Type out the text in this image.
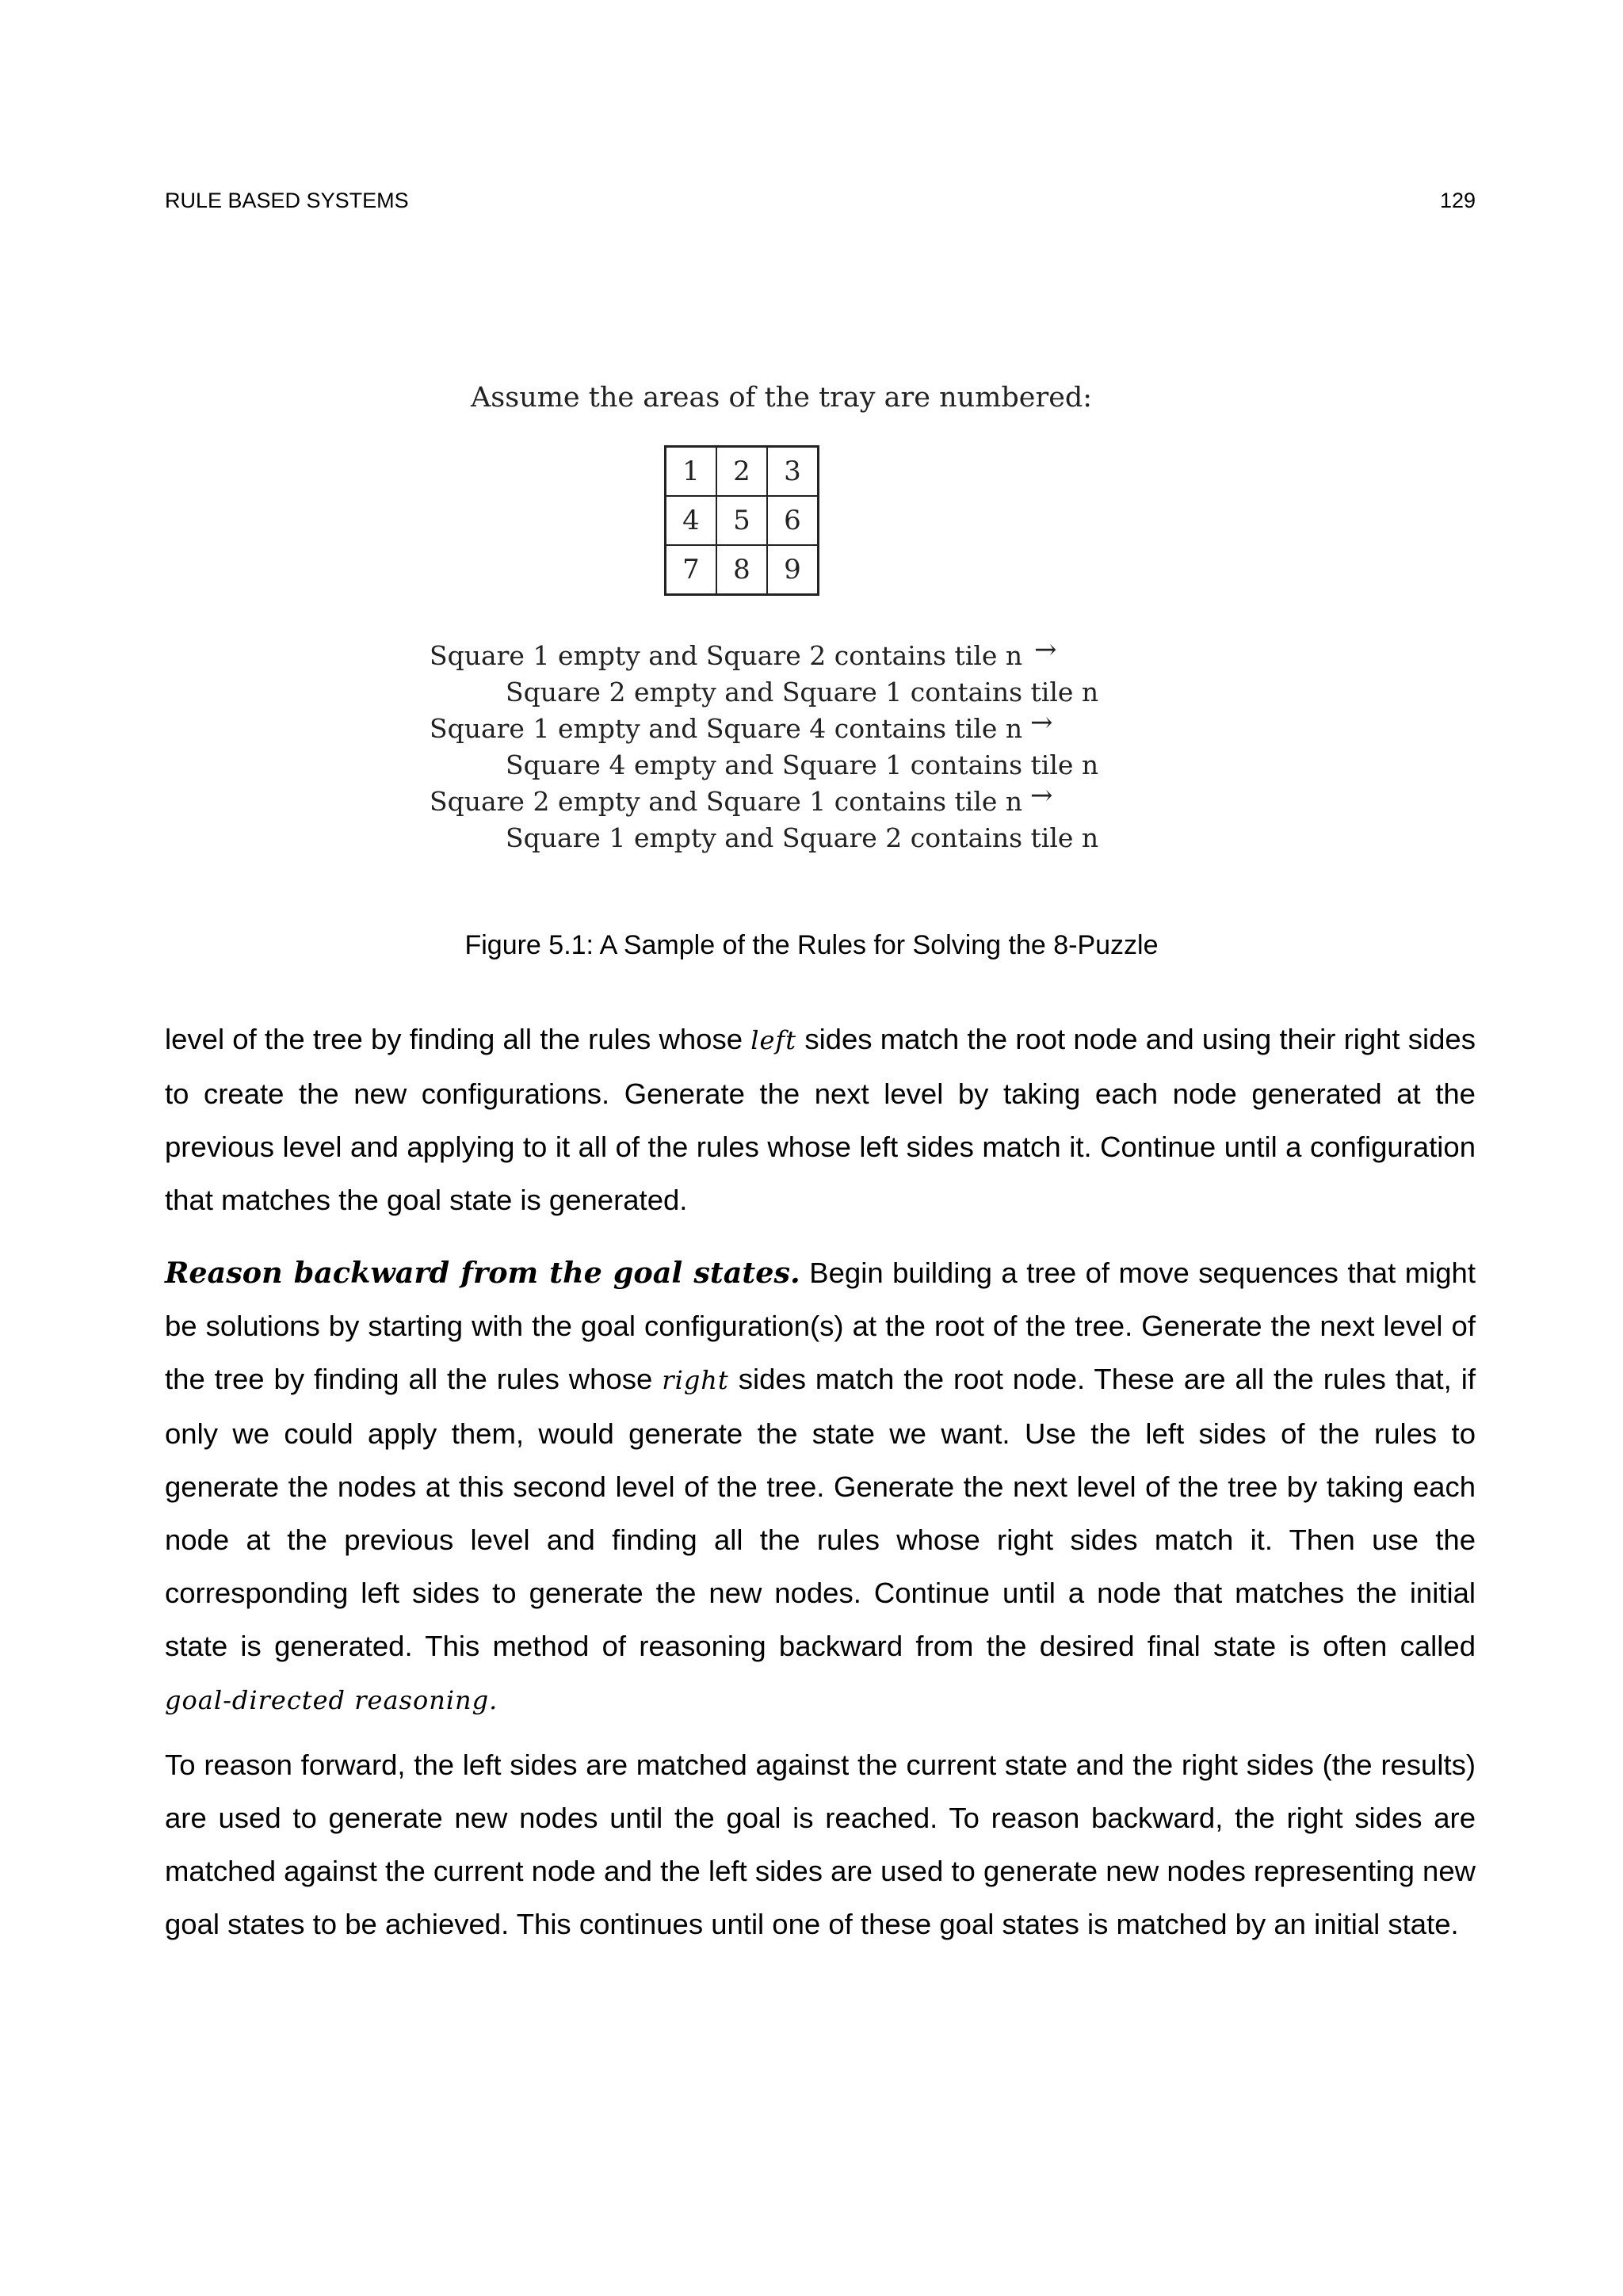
RULE BASED SYSTEMS	129
Assume the areas of the tray are numbered:
1	2	3
4	5	6
7	8	9
Square 1 empty and Square 2 contains tile n →
Square 2 empty and Square 1 contains tile n
Square 1 empty and Square 4 contains tile n →
Square 4 empty and Square 1 contains tile n
Square 2 empty and Square 1 contains tile n →
Square 1 empty and Square 2 contains tile n
Figure 5.1: A Sample of the Rules for Solving the 8-Puzzle

level of the tree by finding all the rules whose left sides match the root node and using their right sides to create the new configurations. Generate the next level by taking each node generated at the previous level and applying to it all of the rules whose left sides match it. Continue until a configuration that matches the goal state is generated.

Reason backward from the goal states. Begin building a tree of move sequences that might be solutions by starting with the goal configuration(s) at the root of the tree. Generate the next level of the tree by finding all the rules whose right sides match the root node. These are all the rules that, if only we could apply them, would generate the state we want. Use the left sides of the rules to generate the nodes at this second level of the tree. Generate the next level of the tree by taking each node at the previous level and finding all the rules whose right sides match it. Then use the corresponding left sides to generate the new nodes. Continue until a node that matches the initial state is generated. This method of reasoning backward from the desired final state is often called goal-directed reasoning.

To reason forward, the left sides are matched against the current state and the right sides (the results) are used to generate new nodes until the goal is reached. To reason backward, the right sides are matched against the current node and the left sides are used to generate new nodes representing new goal states to be achieved. This continues until one of these goal states is matched by an initial state.
